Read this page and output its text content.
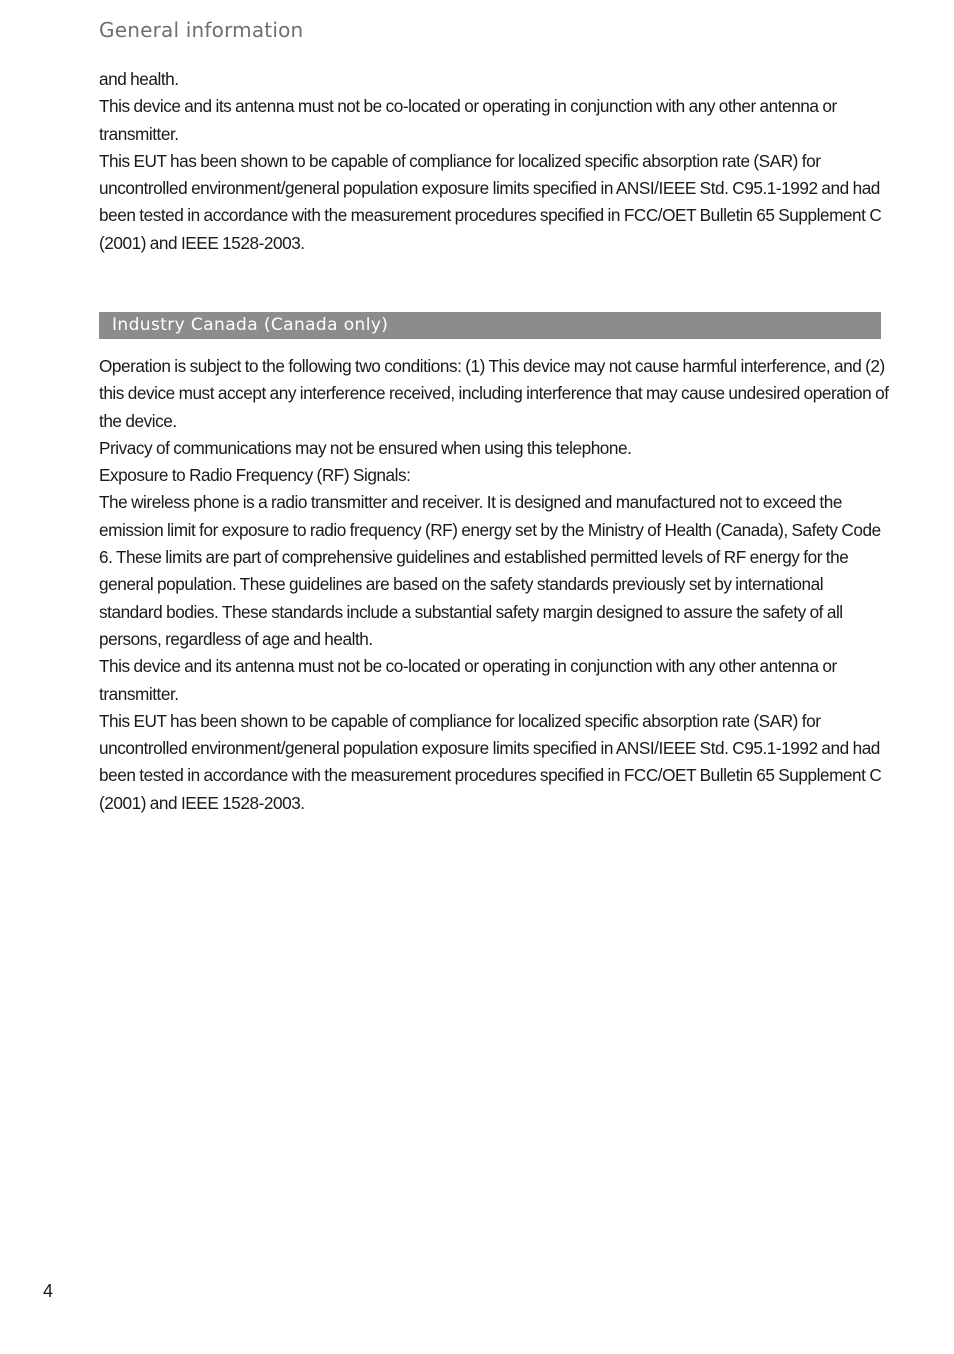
General information

and health.

This device and its antenna must not be co-located or operating in conjunction with any other antenna or transmitter.

This EUT has been shown to be capable of compliance for localized specific absorption rate (SAR) for uncontrolled environment/general population exposure limits specified in ANSI/IEEE Std. C95.1-1992 and had been tested in accordance with the measurement procedures specified in FCC/OET Bulletin 65 Supplement C (2001) and IEEE 1528-2003.

Industry Canada (Canada only)

Operation is subject to the following two conditions: (1) This device may not cause harmful interference, and (2) this device must accept any interference received, including interference that may cause undesired operation of the device.

Privacy of communications may not be ensured when using this telephone.

Exposure to Radio Frequency (RF) Signals:

The wireless phone is a radio transmitter and receiver. It is designed and manufactured not to exceed the emission limit for exposure to radio frequency (RF) energy set by the Ministry of Health (Canada), Safety Code 6. These limits are part of comprehensive guidelines and established permitted levels of RF energy for the general population. These guidelines are based on the safety standards previously set by international standard bodies. These standards include a substantial safety margin designed to assure the safety of all persons, regardless of age and health.

This device and its antenna must not be co-located or operating in conjunction with any other antenna or transmitter.

This EUT has been shown to be capable of compliance for localized specific absorption rate (SAR) for uncontrolled environment/general population exposure limits specified in ANSI/IEEE Std. C95.1-1992 and had been tested in accordance with the measurement procedures specified in FCC/OET Bulletin 65 Supplement C (2001) and IEEE 1528-2003.

4
